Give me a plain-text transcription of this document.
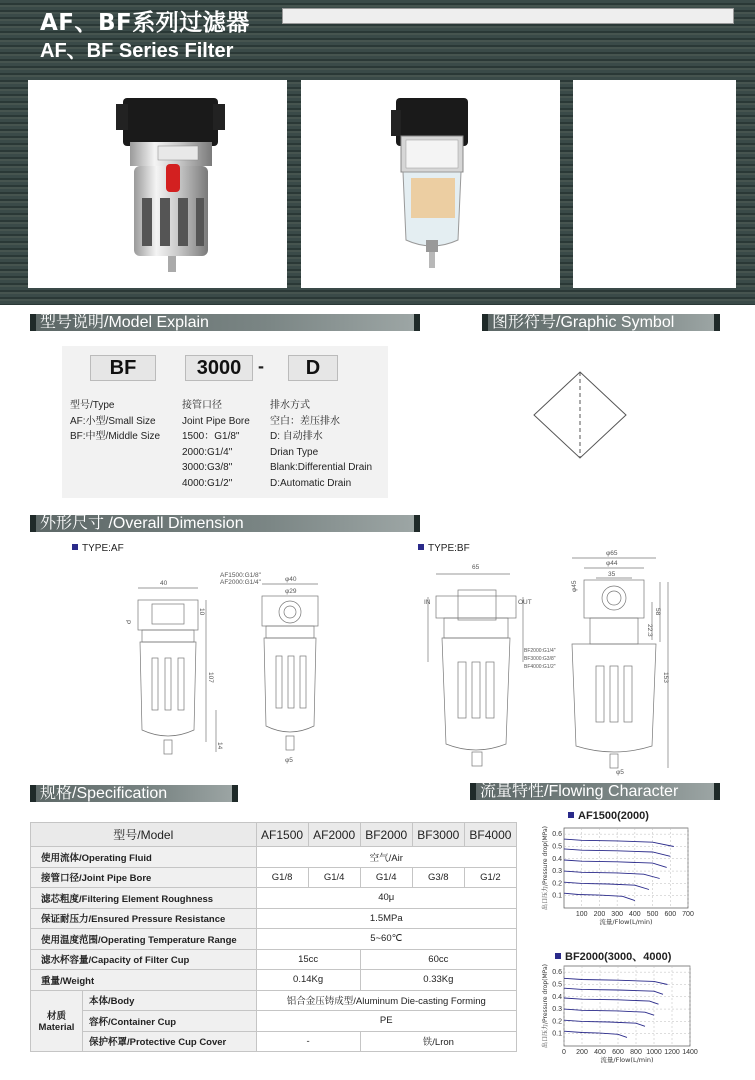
AF、BF系列过滤器
AF、BF Series Filter
型号说明/Model Explain	图形符号/Graphic Symbol
BF	3000 -	D
型号/Type
AF:小型/Small Size
BF:中型/Middle Size
接管口径
Joint Pipe Bore
1500：G1/8"
2000:G1/4"
3000:G3/8"
4000:G1/2"
排水方式
空白：差压排水
D: 自动排水
Drian Type
Blank:Differential Drain
D:Automatic Drain
外形尺寸 /Overall Dimension
TYPE:AF	TYPE:BF
40
φ40
φ29
107
14
φ5
P
10
AF1500:G1/8"
AF2000:G1/4"
65
φ65
φ44
35
φ45
58
22.3
153
φ5
IN	OUT
BF2000:G1/4"
BF3000:G3/8"
BF4000:G1/2"
规格/Specification	流量特性/Flowing Character
型号/Model		AF1500	AF2000	BF2000	BF3000	BF4000
使用流体/Operating Fluid		空气/Air				
接管口径/Joint Pipe Bore		G1/8	G1/4	G1/4	G3/8	G1/2
滤芯粗度/Filtering Element Roughness		40μ				
保证耐压力/Ensured Pressure Resistance		1.5MPa				
使用温度范围/Operating Temperature Range		5~60℃				
滤水杯容量/Capacity of Filter Cup		15cc		60cc		
重量/Weight		0.14Kg		0.33Kg		
材质 Material	本体/Body	铝合金压铸成型/Aluminum Die-casting Forming				
	容杯/Container Cup	PE				
	保护杯罩/Protective Cup Cover	-		铁/Lron		
AF1500(2000)
0.1
0.2
0.3
0.4
0.5
0.6
100 200 300 400 500 600 700
流量/Flow(L/min)
出口压力/Pressure drop(MPa)
BF2000(3000、4000)
0.1
0.2
0.3
0.4
0.5
0.6
0 200 400 600 800 1000 1200 1400
流量/Flow(L/min)
出口压力/Pressure drop(MPa)
